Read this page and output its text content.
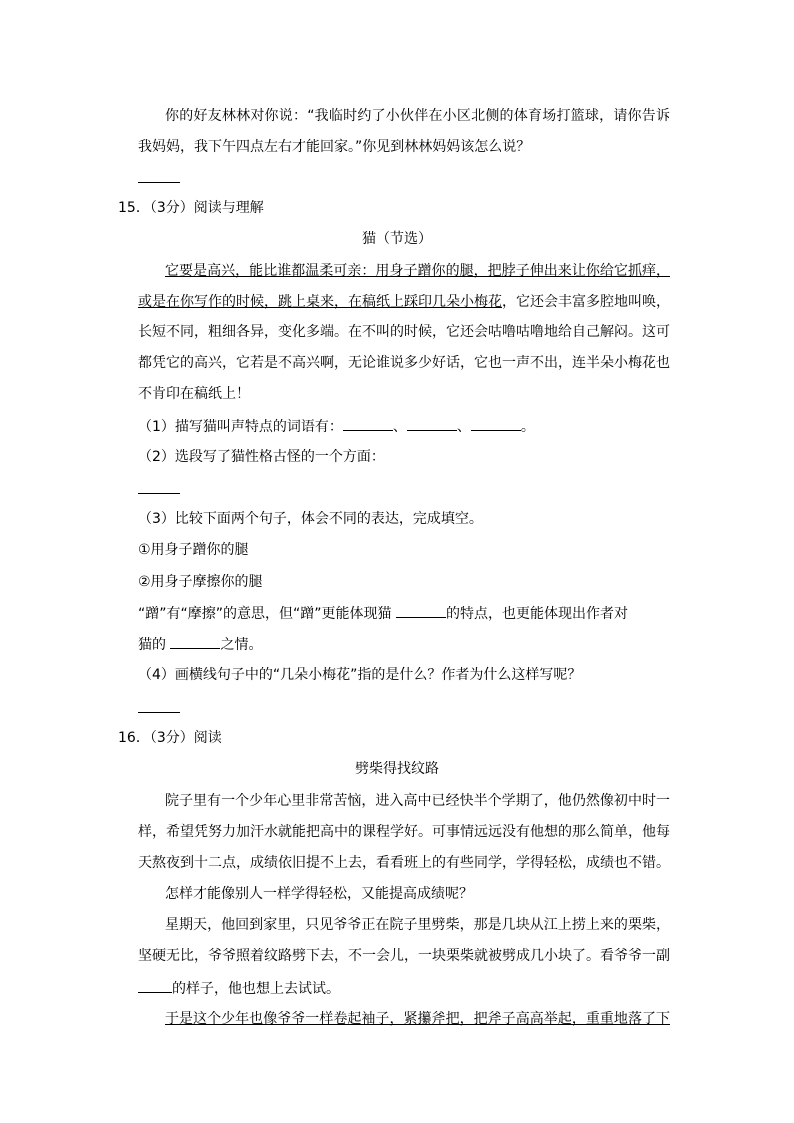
你的好友林林对你说：“我临时约了小伙伴在小区北侧的体育场打篮球，请你告诉
我妈妈，我下午四点左右才能回家。”你见到林林妈妈该怎么说？
15．（3分）阅读与理解
猫（节选）
它要是高兴，能比谁都温柔可亲：用身子蹭你的腿，把脖子伸出来让你给它抓痒，
或是在你写作的时候，跳上桌来，在稿纸上踩印几朵小梅花，它还会丰富多腔地叫唤，
长短不同，粗细各异，变化多端。在不叫的时候，它还会咕噜咕噜地给自己解闷。这可
都凭它的高兴，它若是不高兴啊，无论谁说多少好话，它也一声不出，连半朵小梅花也
不肯印在稿纸上！
（1）描写猫叫声特点的词语有：	、	、	。
（2）选段写了猫性格古怪的一个方面：
（3）比较下面两个句子，体会不同的表达，完成填空。
①用身子蹭你的腿
②用身子摩擦你的腿
“蹭”有“摩擦”的意思，但“蹭”更能体现猫	的特点，也更能体现出作者对
猫的	之情。
（4）画横线句子中的“几朵小梅花”指的是什么？作者为什么这样写呢？
16．（3分）阅读
劈柴得找纹路
院子里有一个少年心里非常苦恼，进入高中已经快半个学期了，他仍然像初中时一
样，希望凭努力加汗水就能把高中的课程学好。可事情远远没有他想的那么简单，他每
天熬夜到十二点，成绩依旧提不上去，看看班上的有些同学，学得轻松，成绩也不错。
怎样才能像别人一样学得轻松，又能提高成绩呢？
星期天，他回到家里，只见爷爷正在院子里劈柴，那是几块从江上捞上来的栗柴，
坚硬无比，爷爷照着纹路劈下去，不一会儿，一块栗柴就被劈成几小块了。看爷爷一副
的样子，他也想上去试试。
于是这个少年也像爷爷一样卷起袖子，紧攥斧把，把斧子高高举起，重重地落了下
